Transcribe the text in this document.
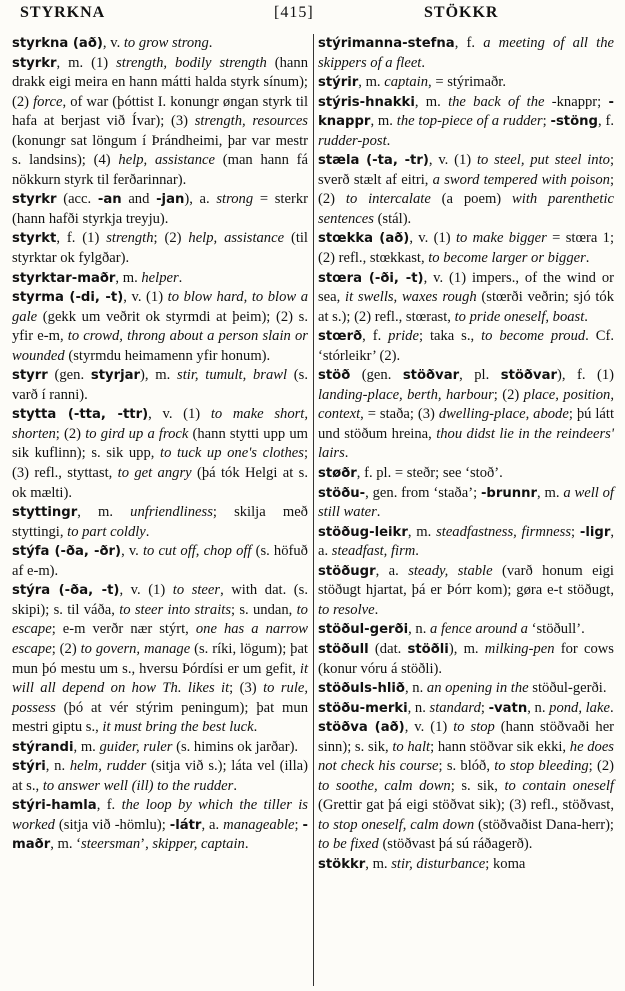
STYRKNA	[415]	STÖKKR

styrkna (að), v. to grow strong.

styrkr, m. (1) strength, bodily strength (hann drakk eigi meira en hann mátti halda styrk sínum); (2) force, of war (þóttist I. konungr øngan styrk til hafa at berjast við Ívar); (3) strength, resources (konungr sat löngum í Þrándheimi, þar var mestr s. landsins); (4) help, assistance (man hann fá nökkurn styrk til ferðarinnar).

styrkr (acc. -an and -jan), a. strong = sterkr (hann hafði styrkja treyju).

styrkt, f. (1) strength; (2) help, assistance (til styrktar ok fylgðar).

styrktar-maðr, m. helper.

styrma (-di, -t), v. (1) to blow hard, to blow a gale (gekk um veðrit ok styrmdi at þeim); (2) s. yfir e-m, to crowd, throng about a person slain or wounded (styrmdu heimamenn yfir honum).

styrr (gen. styrjar), m. stir, tumult, brawl (s. varð í ranni).

stytta (-tta, -ttr), v. (1) to make short, shorten; (2) to gird up a frock (hann stytti upp um sik kuflinn); s. sik upp, to tuck up one's clothes; (3) refl., styttast, to get angry (þá tók Helgi at s. ok mælti).

styttingr, m. unfriendliness; skilja með styttingi, to part coldly.

stýfa (-ða, -ðr), v. to cut off, chop off (s. höfuð af e-m).

stýra (-ða, -t), v. (1) to steer, with dat. (s. skipi); s. til váða, to steer into straits; s. undan, to escape; e-m verðr nær stýrt, one has a narrow escape; (2) to govern, manage (s. ríki, lögum); þat mun þó mestu um s., hversu Þórdísi er um gefit, it will all depend on how Th. likes it; (3) to rule, possess (þó at vér stýrim peningum); þat mun mestri giptu s., it must bring the best luck.

stýrandi, m. guider, ruler (s. himins ok jarðar).

stýri, n. helm, rudder (sitja við s.); láta vel (illa) at s., to answer well (ill) to the rudder.

stýri-hamla, f. the loop by which the tiller is worked (sitja við -hömlu); -látr, a. manageable; -maðr, m. ‘steersman’, skipper, captain.

stýrimanna-stefna, f. a meeting of all the skippers of a fleet.

stýrir, m. captain, = stýrimaðr.

stýris-hnakki, m. the back of the -knappr; -knappr, m. the top-piece of a rudder; -stöng, f. rudder-post.

stæla (-ta, -tr), v. (1) to steel, put steel into; sverð stælt af eitri, a sword tempered with poison; (2) to intercalate (a poem) with parenthetic sentences (stál).

stœkka (að), v. (1) to make bigger = stœra 1; (2) refl., stœkkast, to become larger or bigger.

stœra (-ði, -t), v. (1) impers., of the wind or sea, it swells, waxes rough (stœrði veðrin; sjó tók at s.); (2) refl., stœrast, to pride oneself, boast.

stœrð, f. pride; taka s., to become proud. Cf. ‘stórleikr’ (2).

stöð (gen. stöðvar, pl. stöðvar), f. (1) landing-place, berth, harbour; (2) place, position, context, = staða; (3) dwelling-place, abode; þú látt und stöðum hreina, thou didst lie in the reindeers' lairs.

støðr, f. pl. = steðr; see ‘stoð’.

stöðu-, gen. from ‘staða’; -brunnr, m. a well of still water.

stöðug-leikr, m. steadfastness, firmness; -ligr, a. steadfast, firm.

stöðugr, a. steady, stable (varð honum eigi stöðugt hjartat, þá er Þórr kom); gøra e-t stöðugt, to resolve.

stöðul-gerði, n. a fence around a ‘stöðull’.

stöðull (dat. stöðli), m. milking-pen for cows (konur vóru á stöðli).

stöðuls-hlið, n. an opening in the stöðul-gerði.

stöðu-merki, n. standard; -vatn, n. pond, lake.

stöðva (að), v. (1) to stop (hann stöðvaði her sinn); s. sik, to halt; hann stöðvar sik ekki, he does not check his course; s. blóð, to stop bleeding; (2) to soothe, calm down; s. sik, to contain oneself (Grettir gat þá eigi stöðvat sik); (3) refl., stöðvast, to stop oneself, calm down (stöðvaðist Dana-herr); to be fixed (stöðvast þá sú ráðagerð).

stökkr, m. stir, disturbance; koma
